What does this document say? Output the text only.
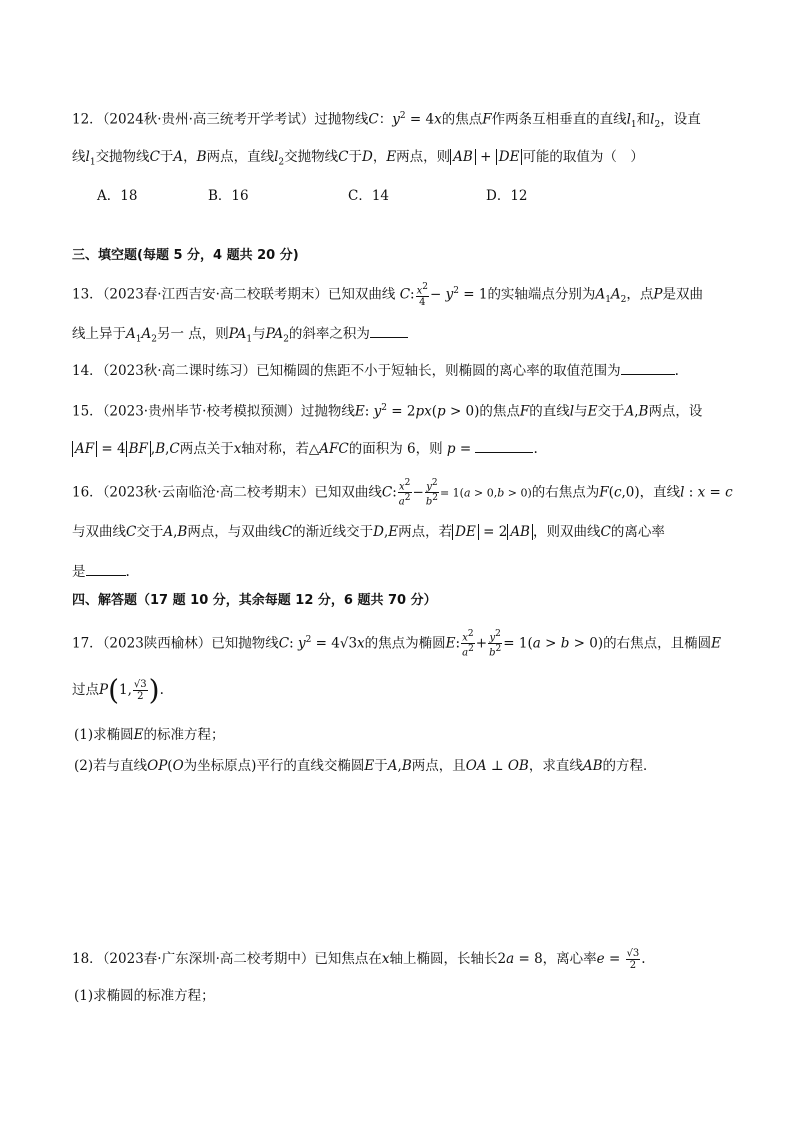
12．（2024秋·贵州·高三统考开学考试）过抛物线C：$y^2 = 4x$的焦点F作两条互相垂直的直线$l_1$和$l_2$，设直
线$l_1$交抛物线C于A，B两点，直线$l_2$交抛物线C于D，E两点，则 AB + DE 可能的取值为（　）
A．18	B．16	C．14	D．12
三、填空题(每题 5 分，4 题共 20 分)
13．（2023春·江西吉安·高二校联考期末）已知双曲线 C: $\frac{x^2}{4} - y^2 = 1$的实轴端点分别为$A_1A_2$，点P是双曲
线上异于$A_1A_2$另一 点，则$PA_1$与$PA_2$的斜率之积为
14．（2023秋·高二课时练习）已知椭圆的焦距不小于短轴长，则椭圆的离心率的取值范围为	.
15．（2023·贵州毕节·校考模拟预测）过抛物线E: $y^2 = 2px(p > 0)$的焦点F的直线l与E交于A,B两点，设
AF = 4 BF ,B,C两点关于x轴对称，若△AFC的面积为 6，则 p =	.
16．（2023秋·云南临沧·高二校考期末）已知双曲线C: $\frac{x^2}{a^2} - \frac{y^2}{b^2} = 1(a > 0,b > 0)$的右焦点为F(c,0)，直线l : x = c
与双曲线C交于A,B两点，与双曲线C的渐近线交于D,E两点，若 DE = 2 AB ，则双曲线C的离心率
是	.
四、解答题（17 题 10 分，其余每题 12 分，6 题共 70 分）
17．（2023陕西榆林）已知抛物线C: $y^2 = 4√3x$的焦点为椭圆E: $\frac{x^2}{a^2} + \frac{y^2}{b^2} = 1(a > b > 0)$的右焦点，且椭圆E
过点P(1, $\frac{√3}{2}$ ).
(1)求椭圆E的标准方程；
(2)若与直线OP(O为坐标原点)平行的直线交椭圆E于A,B两点，且OA ⊥ OB，求直线AB的方程．
18．（2023春·广东深圳·高二校考期中）已知焦点在x轴上椭圆，长轴长2a = 8，离心率$e = \frac{√3}{2}$ .
(1)求椭圆的标准方程；
